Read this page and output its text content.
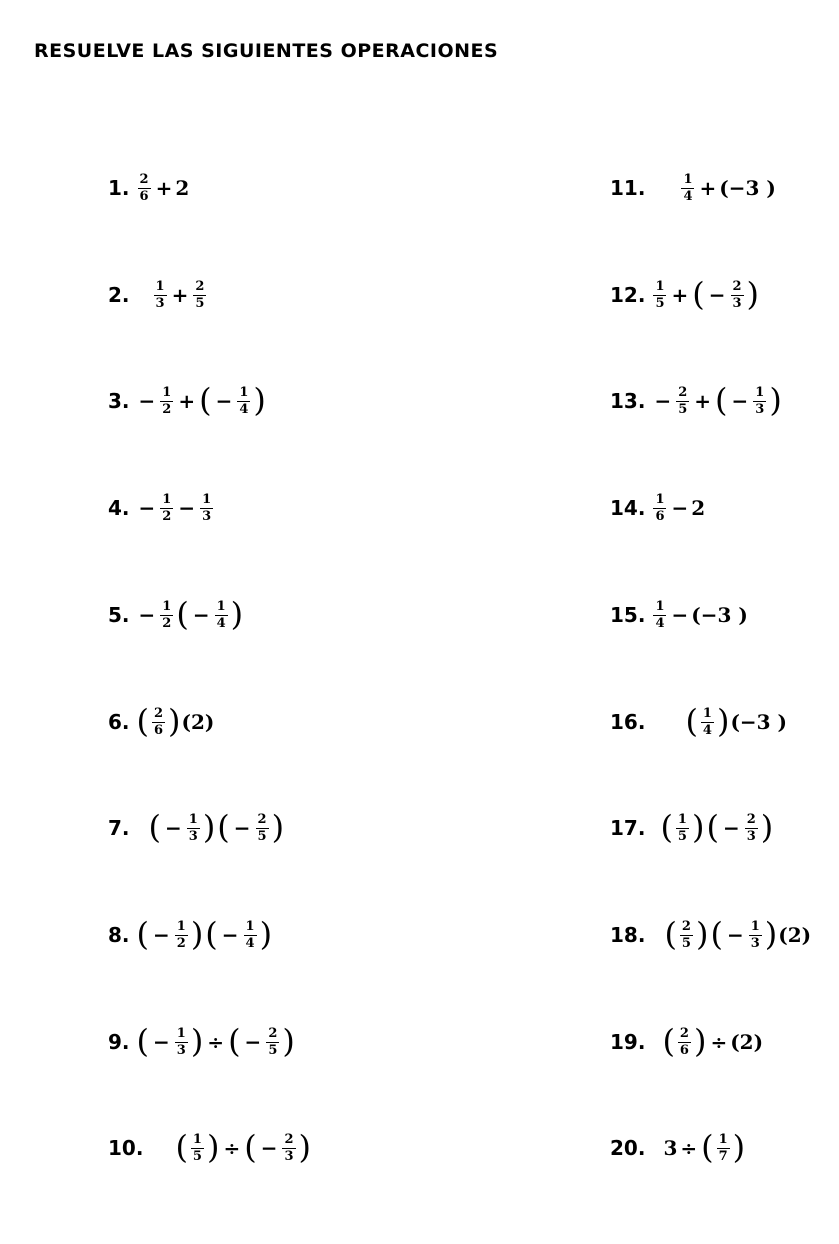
RESUELVE LAS SIGUIENTES OPERACIONES
1. $\frac{2}{6} + 2$
2. $\frac{1}{3} + \frac{2}{5}$
3. − $\frac{1}{2}$ + ( − $\frac{1}{4}$ )
4. − $\frac{1}{2} - \frac{1}{3}$
5. − $\frac{1}{2}$ ( − $\frac{1}{4}$ )
6. ( $\frac{2}{6}$ ) (2)
7. ( − $\frac{1}{3}$ ) ( − $\frac{2}{5}$ )
8. ( − $\frac{1}{2}$ ) ( − $\frac{1}{4}$ )
9. ( − $\frac{1}{3}$ ) ÷ ( − $\frac{2}{5}$ )
10. ( $\frac{1}{5}$ ) ÷ ( − $\frac{2}{3}$ )
11.	$\frac{1}{4} + (-3$ )
12. $\frac{1}{5}$ + ( − $\frac{2}{3}$ )
13. − $\frac{2}{5}$ + ( − $\frac{1}{3}$ )
14. $\frac{1}{6} - 2$
15. $\frac{1}{4} - (-3$ )
16. ( $\frac{1}{4}$ ) (−3 )
17. ( $\frac{1}{5}$ ) ( − $\frac{2}{3}$ )
18. ( $\frac{2}{5}$ ) ( − $\frac{1}{3}$ ) (2)
19. ( $\frac{2}{6}$ ) ÷ (2)
20. 3 ÷ ( $\frac{1}{7}$ )
